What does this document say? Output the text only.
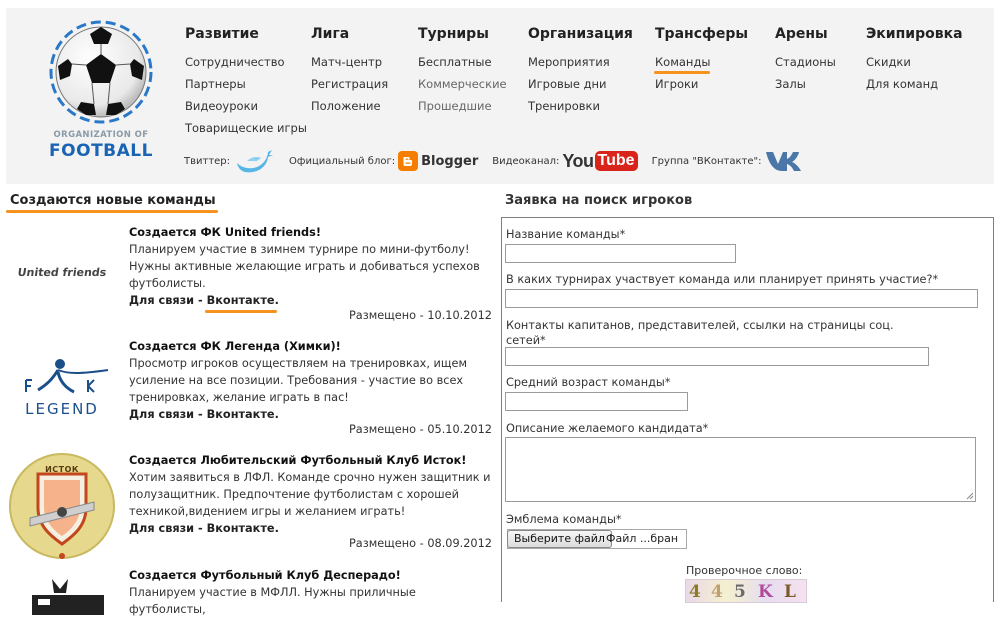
ORGANIZATION OF
FOOTBALL
Развитие
Сотрудничество
Партнеры
Видеоуроки
Товарищеские игры
Лига
Матч-центр
Регистрация
Положение
Турниры
Бесплатные
Коммерческие
Прошедшие
Организация
Мероприятия
Игровые дни
Тренировки
Трансферы
Команды
Игроки
Арены
Стадионы
Залы
Экипировка
Скидки
Для команд
Твиттер:	Официальный блог: Blogger Видеоканал: You Tube	Группа "ВКонтакте":
Создаются новые команды
United friends
Создается ФК United friends!
Планируем участие в зимнем турнире по мини-футболу! Нужны активные желающие играть и добиваться успехов футболисты.
Для связи - Вконтакте.
Размещено - 10.10.2012
LEGEND
Создается ФК Легенда (Химки)!
Просмотр игроков осуществляем на тренировках, ищем усиление на все позиции. Требования - участие во всех тренировках, желание играть в пас!
Для связи - Вконтакте.
Размещено - 05.10.2012
ИСТОК
Создается Любительский Футбольный Клуб Исток!
Хотим заявиться в ЛФЛ. Команде срочно нужен защитник и полузащитник. Предпочтение футболистам с хорошей техникой,видением игры и желанием играть!
Для связи - Вконтакте.
Размещено - 08.09.2012
Создается Футбольный Клуб Десперадо!
Планируем участие в МФЛЛ. Нужны приличные футболисты,
Заявка на поиск игроков
Название команды*
В каких турнирах участвует команда или планирует принять участие?*
Контакты капитанов, представителей, ссылки на страницы соц. сетей*
Средний возраст команды*
Описание желаемого кандидата*
Эмблема команды*
Выберите файл Файл ...бран
Проверочное слово:
4 4 5 K L
